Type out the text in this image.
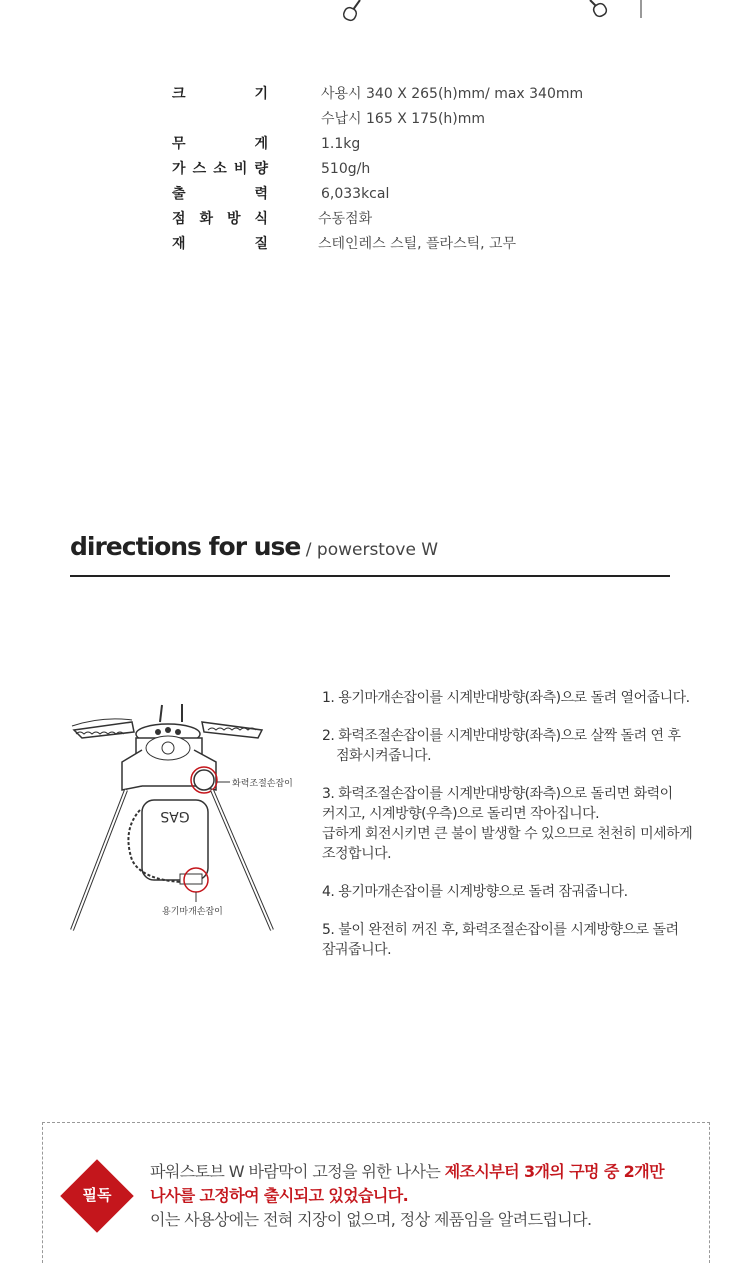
크	기	사용시 340 X 265(h)mm/ max 340mm
수납시 165 X 175(h)mm
무	게	1.1kg
가 스 소 비 량	510g/h
출	력	6,033kcal
점 화 방 식	수동점화
재	질	스테인레스 스틸, 플라스틱, 고무
directions for use / powerstove W
GAS
화력조절손잡이
용기마개손잡이
1. 용기마개손잡이를 시계반대방향(좌측)으로 돌려 열어줍니다.
2. 화력조절손잡이를 시계반대방향(좌측)으로 살짝 돌려 연 후
점화시켜줍니다.
3. 화력조절손잡이를 시계반대방향(좌측)으로 돌리면 화력이
커지고, 시계방향(우측)으로 돌리면 작아집니다.
급하게 회전시키면 큰 불이 발생할 수 있으므로 천천히 미세하게
조정합니다.
4. 용기마개손잡이를 시계방향으로 돌려 잠궈줍니다.
5. 불이 완전히 꺼진 후, 화력조절손잡이를 시계방향으로 돌려
잠궈줍니다.
필독
파워스토브 W 바람막이 고정을 위한 나사는 제조시부터 3개의 구멍 중 2개만
나사를 고정하여 출시되고 있었습니다.
이는 사용상에는 전혀 지장이 없으며, 정상 제품임을 알려드립니다.
